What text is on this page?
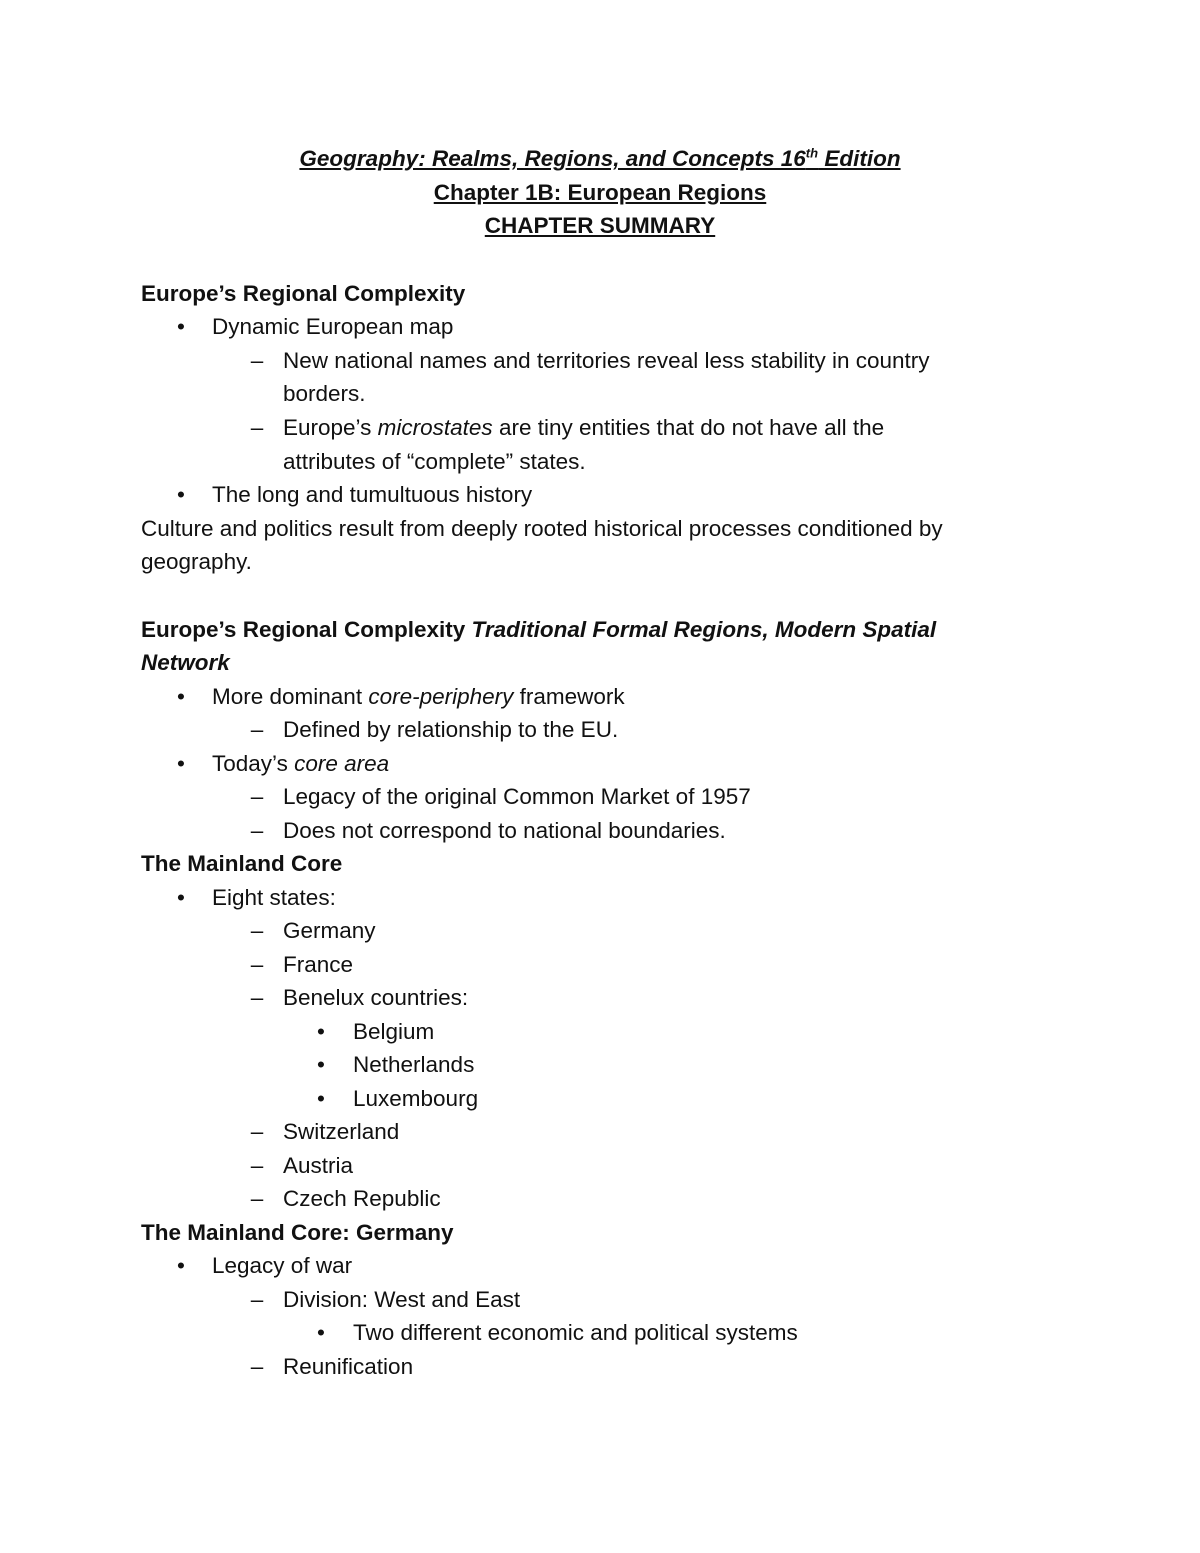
Geography: Realms, Regions, and Concepts 16th Edition
Chapter 1B: European Regions
CHAPTER SUMMARY
Europe’s Regional Complexity
• Dynamic European map
– New national names and territories reveal less stability in country
borders.
– Europe’s microstates are tiny entities that do not have all the
attributes of “complete” states.
• The long and tumultuous history
Culture and politics result from deeply rooted historical processes conditioned by
geography.
Europe’s Regional Complexity Traditional Formal Regions, Modern Spatial
Network
• More dominant core-periphery framework
– Defined by relationship to the EU.
• Today’s core area
– Legacy of the original Common Market of 1957
– Does not correspond to national boundaries.
The Mainland Core
• Eight states:
– Germany
– France
– Benelux countries:
• Belgium
• Netherlands
• Luxembourg
– Switzerland
– Austria
– Czech Republic
The Mainland Core: Germany
• Legacy of war
– Division: West and East
• Two different economic and political systems
– Reunification
